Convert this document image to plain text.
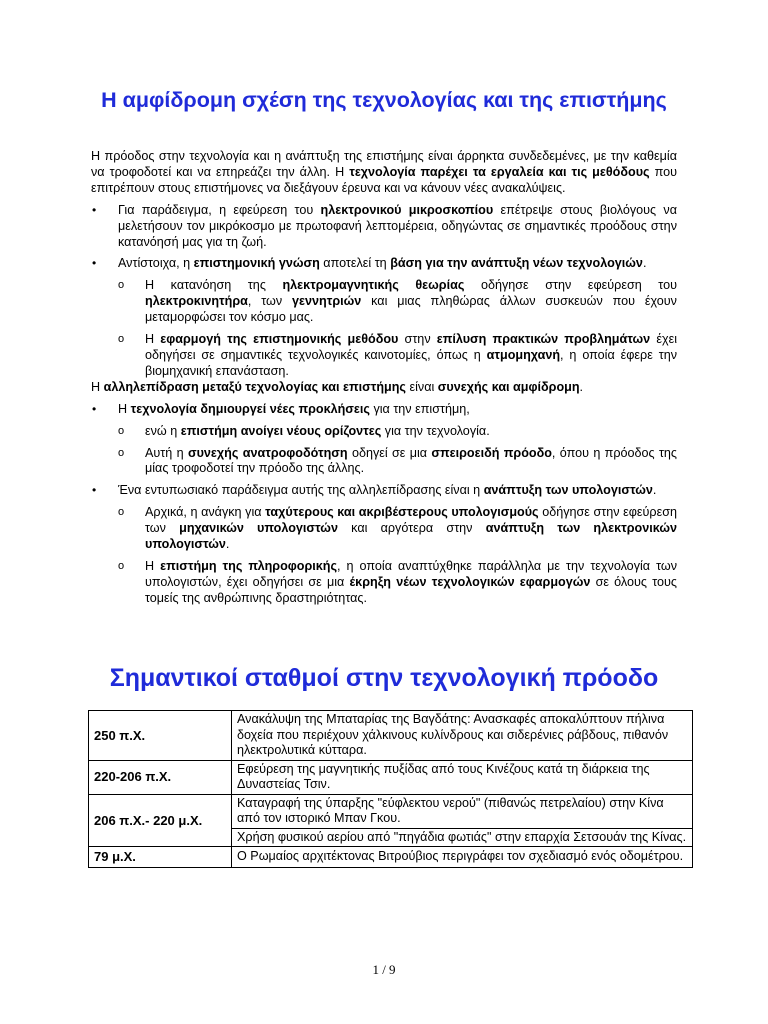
Η αμφίδρομη σχέση της τεχνολογίας και της επιστήμης

Η πρόοδος στην τεχνολογία και η ανάπτυξη της επιστήμης είναι άρρηκτα συνδεδεμένες, με την καθεμία να τροφοδοτεί και να επηρεάζει την άλλη. Η τεχνολογία παρέχει τα εργαλεία και τις μεθόδους που επιτρέπουν στους επιστήμονες να διεξάγουν έρευνα και να κάνουν νέες ανακαλύψεις.

• Για παράδειγμα, η εφεύρεση του ηλεκτρονικού μικροσκοπίου επέτρεψε στους βιολόγους να μελετήσουν τον μικρόκοσμο με πρωτοφανή λεπτομέρεια, οδηγώντας σε σημαντικές προόδους στην κατανόησή μας για τη ζωή.
• Αντίστοιχα, η επιστημονική γνώση αποτελεί τη βάση για την ανάπτυξη νέων τεχνολογιών.
o Η κατανόηση της ηλεκτρομαγνητικής θεωρίας οδήγησε στην εφεύρεση του ηλεκτροκινητήρα, των γεννητριών και μιας πληθώρας άλλων συσκευών που έχουν μεταμορφώσει τον κόσμο μας.
o Η εφαρμογή της επιστημονικής μεθόδου στην επίλυση πρακτικών προβλημάτων έχει οδηγήσει σε σημαντικές τεχνολογικές καινοτομίες, όπως η ατμομηχανή, η οποία έφερε την βιομηχανική επανάσταση.

Η αλληλεπίδραση μεταξύ τεχνολογίας και επιστήμης είναι συνεχής και αμφίδρομη.

• Η τεχνολογία δημιουργεί νέες προκλήσεις για την επιστήμη,
o ενώ η επιστήμη ανοίγει νέους ορίζοντες για την τεχνολογία.
o Αυτή η συνεχής ανατροφοδότηση οδηγεί σε μια σπειροειδή πρόοδο, όπου η πρόοδος της μίας τροφοδοτεί την πρόοδο της άλλης.
• Ένα εντυπωσιακό παράδειγμα αυτής της αλληλεπίδρασης είναι η ανάπτυξη των υπολογιστών.
o Αρχικά, η ανάγκη για ταχύτερους και ακριβέστερους υπολογισμούς οδήγησε στην εφεύρεση των μηχανικών υπολογιστών και αργότερα στην ανάπτυξη των ηλεκτρονικών υπολογιστών.
o Η επιστήμη της πληροφορικής, η οποία αναπτύχθηκε παράλληλα με την τεχνολογία των υπολογιστών, έχει οδηγήσει σε μια έκρηξη νέων τεχνολογικών εφαρμογών σε όλους τους τομείς της ανθρώπινης δραστηριότητας.
Σημαντικοί σταθμοί στην τεχνολογική πρόοδο
250 π.Χ.	Ανακάλυψη της Μπαταρίας της Βαγδάτης: Ανασκαφές αποκαλύπτουν πήλινα δοχεία που περιέχουν χάλκινους κυλίνδρους και σιδερένιες ράβδους, πιθανόν ηλεκτρολυτικά κύτταρα.
220-206 π.Χ.	Εφεύρεση της μαγνητικής πυξίδας από τους Κινέζους κατά τη διάρκεια της Δυναστείας Τσιν.
206 π.Χ.- 220 μ.Χ.	Καταγραφή της ύπαρξης "εύφλεκτου νερού" (πιθανώς πετρελαίου) στην Κίνα από τον ιστορικό Μπαν Γκου.
	Χρήση φυσικού αερίου από "πηγάδια φωτιάς" στην επαρχία Σετσουάν της Κίνας.
79 μ.Χ.	Ο Ρωμαίος αρχιτέκτονας Βιτρούβιος περιγράφει τον σχεδιασμό ενός οδομέτρου.
1 / 9
